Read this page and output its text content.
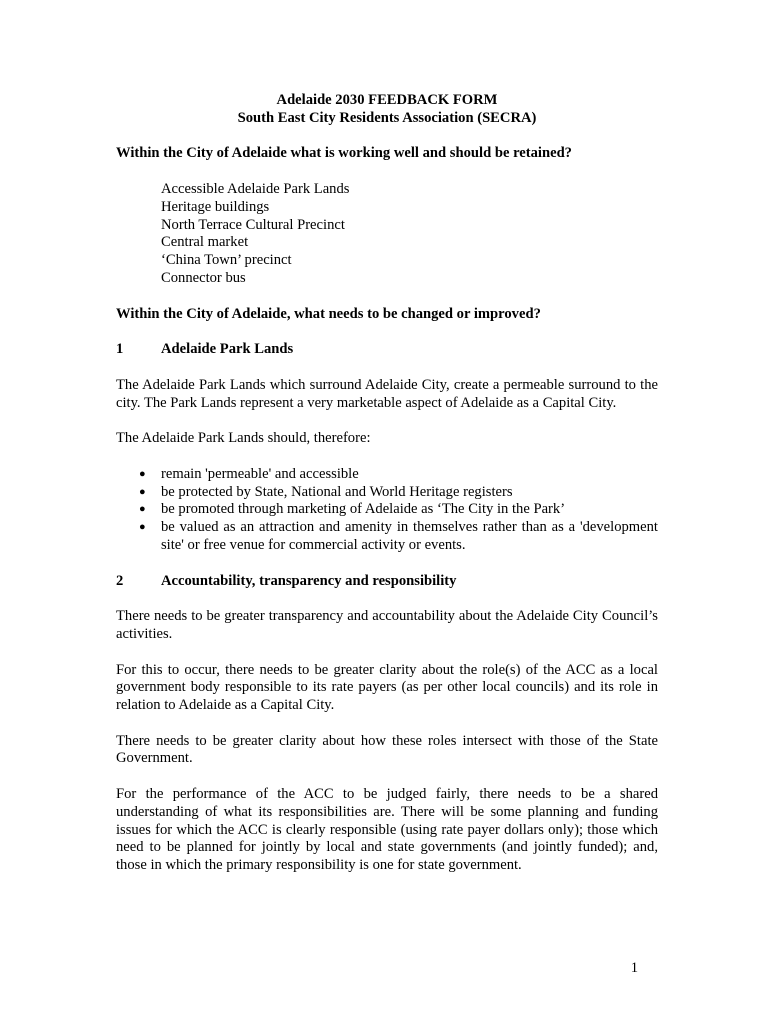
Adelaide 2030 FEEDBACK FORM

South East City Residents Association (SECRA)

Within the City of Adelaide what is working well and should be retained?

Accessible Adelaide Park Lands
Heritage buildings
North Terrace Cultural Precinct
Central market
‘China Town’ precinct
Connector bus

Within the City of Adelaide, what needs to be changed or improved?

1	Adelaide Park Lands

The Adelaide Park Lands which surround Adelaide City, create a permeable surround to the city. The Park Lands represent a very marketable aspect of Adelaide as a Capital City.

The Adelaide Park Lands should, therefore:

● remain 'permeable' and accessible
● be protected by State, National and World Heritage registers
● be promoted through marketing of Adelaide as ‘The City in the Park’
● be valued as an attraction and amenity in themselves rather than as a 'development site' or free venue for commercial activity or events.
2	Accountability, transparency and responsibility

There needs to be greater transparency and accountability about the Adelaide City Council’s activities.

For this to occur, there needs to be greater clarity about the role(s) of the ACC as a local government body responsible to its rate payers (as per other local councils) and its role in relation to Adelaide as a Capital City.

There needs to be greater clarity about how these roles intersect with those of the State Government.

For the performance of the ACC to be judged fairly, there needs to be a shared understanding of what its responsibilities are. There will be some planning and funding issues for which the ACC is clearly responsible (using rate payer dollars only); those which need to be planned for jointly by local and state governments (and jointly funded); and, those in which the primary responsibility is one for state government.

1
